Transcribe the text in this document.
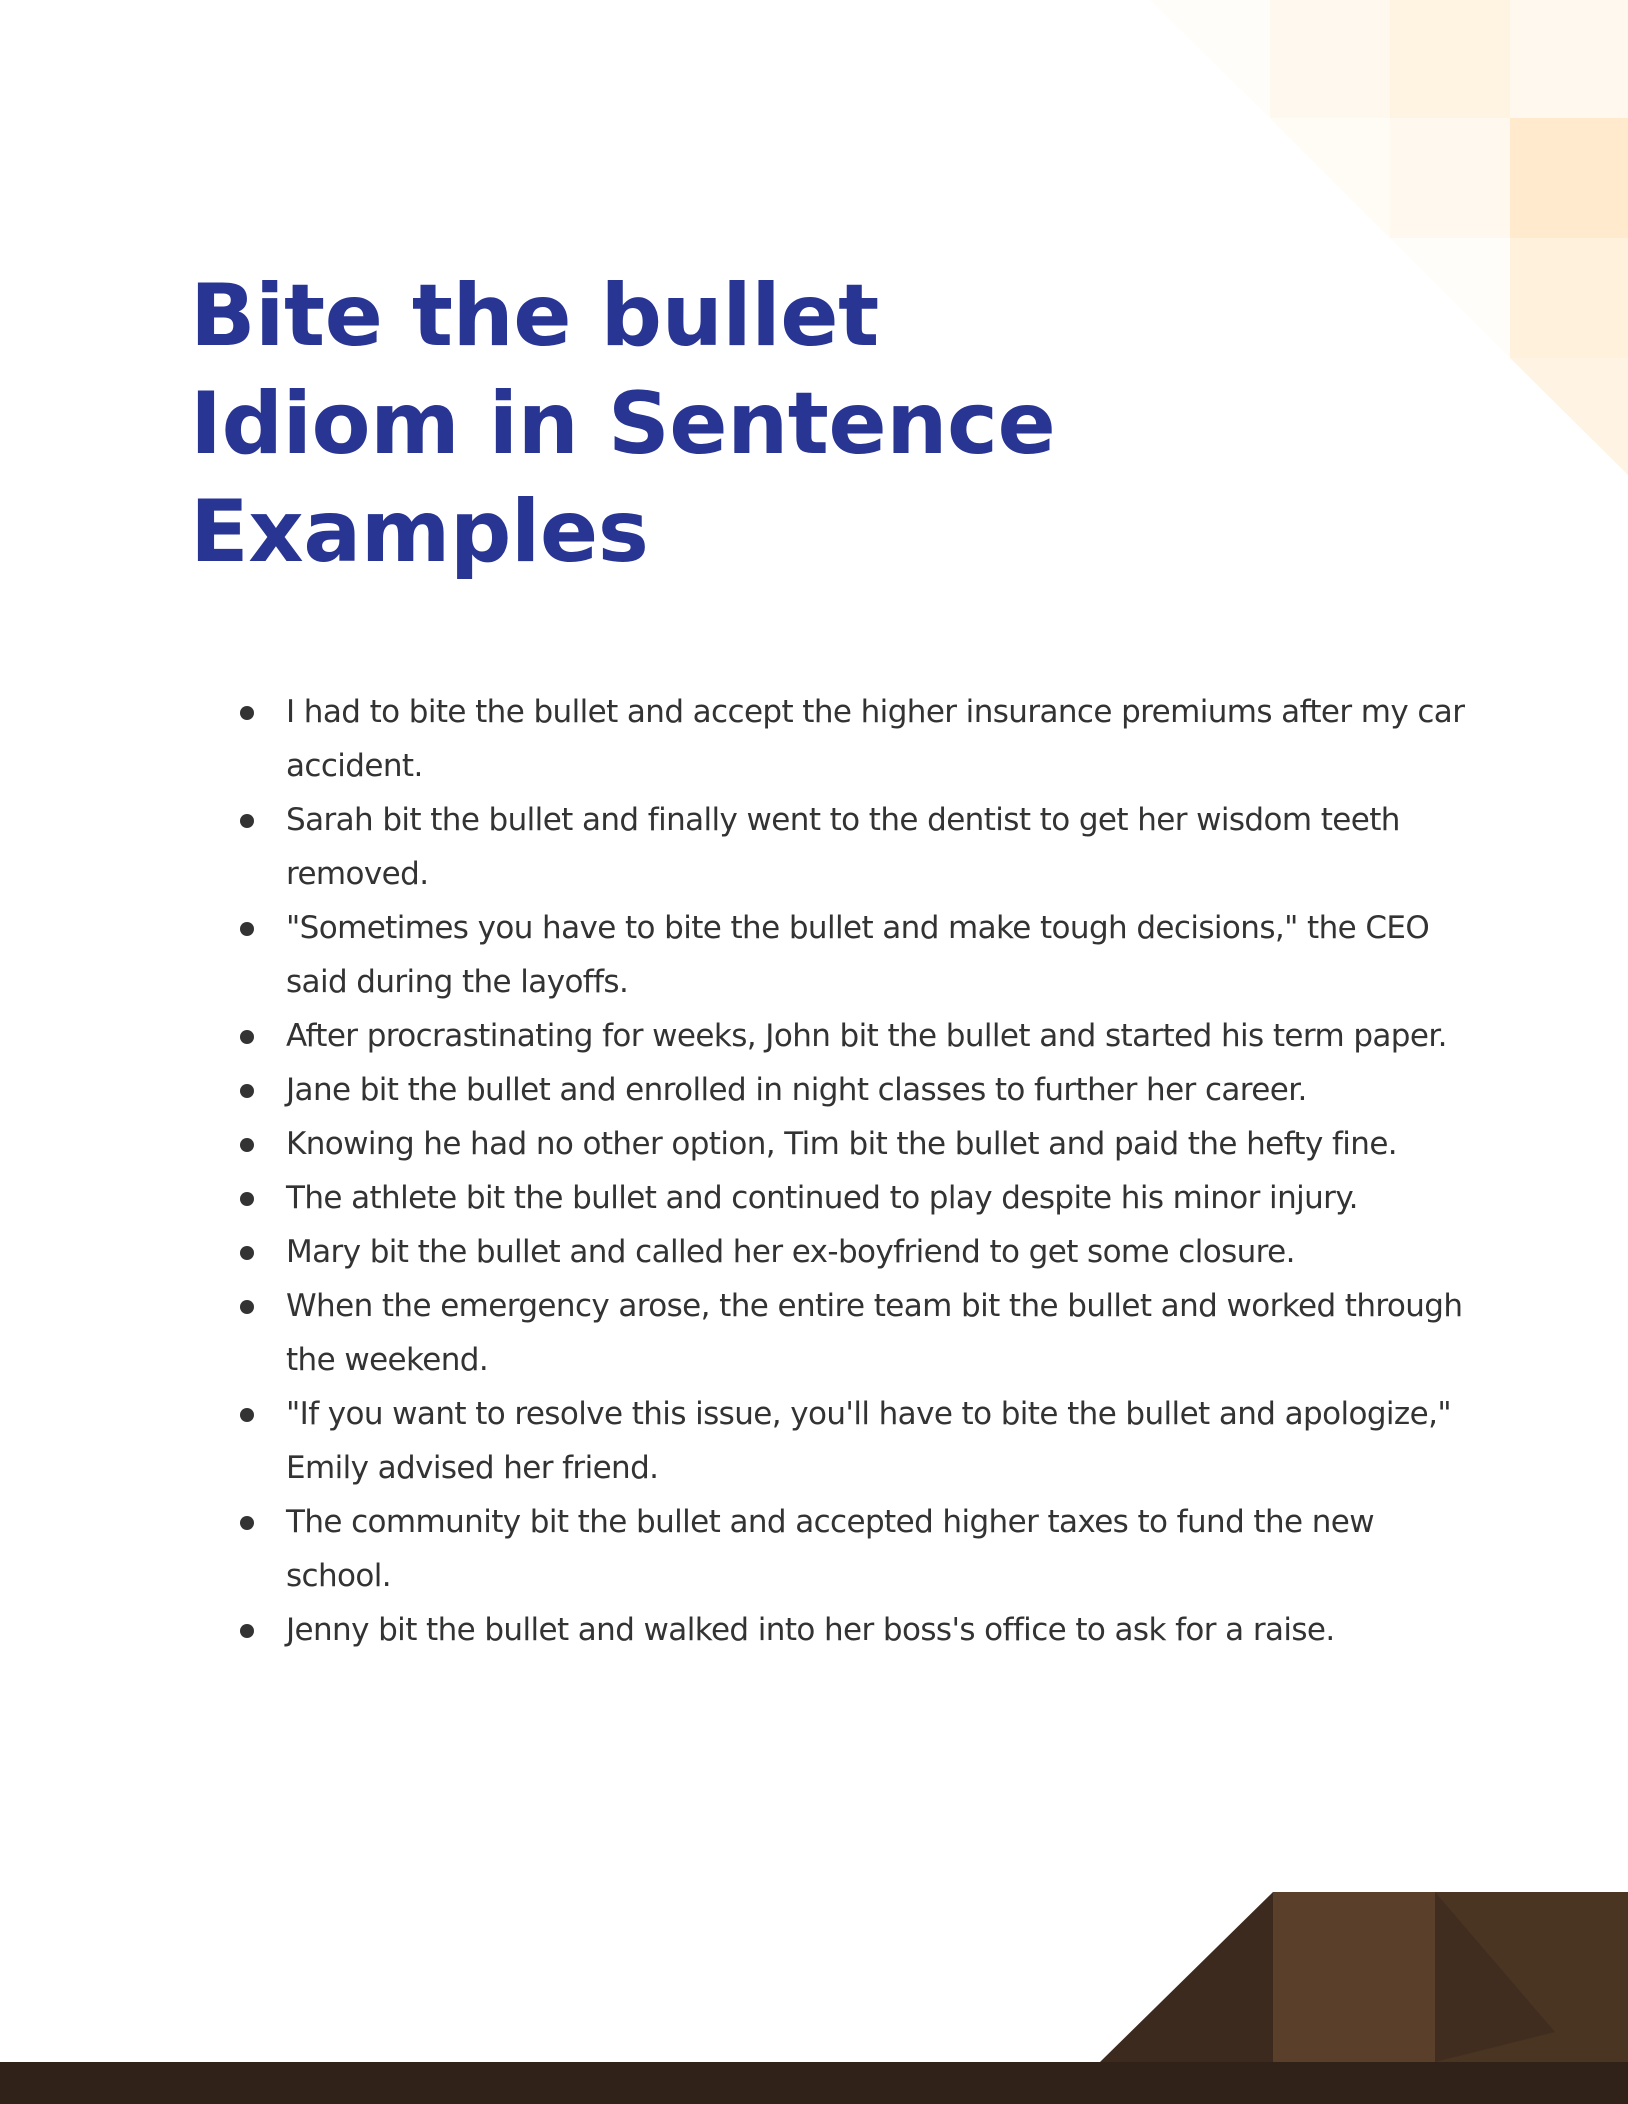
Bite the bullet
Idiom in Sentence
Examples
I had to bite the bullet and accept the higher insurance premiums after my car accident.
Sarah bit the bullet and finally went to the dentist to get her wisdom teeth removed.
"Sometimes you have to bite the bullet and make tough decisions," the CEO said during the layoffs.
After procrastinating for weeks, John bit the bullet and started his term paper.
Jane bit the bullet and enrolled in night classes to further her career.
Knowing he had no other option, Tim bit the bullet and paid the hefty fine.
The athlete bit the bullet and continued to play despite his minor injury.
Mary bit the bullet and called her ex-boyfriend to get some closure.
When the emergency arose, the entire team bit the bullet and worked through the weekend.
"If you want to resolve this issue, you'll have to bite the bullet and apologize," Emily advised her friend.
The community bit the bullet and accepted higher taxes to fund the new school.
Jenny bit the bullet and walked into her boss's office to ask for a raise.
